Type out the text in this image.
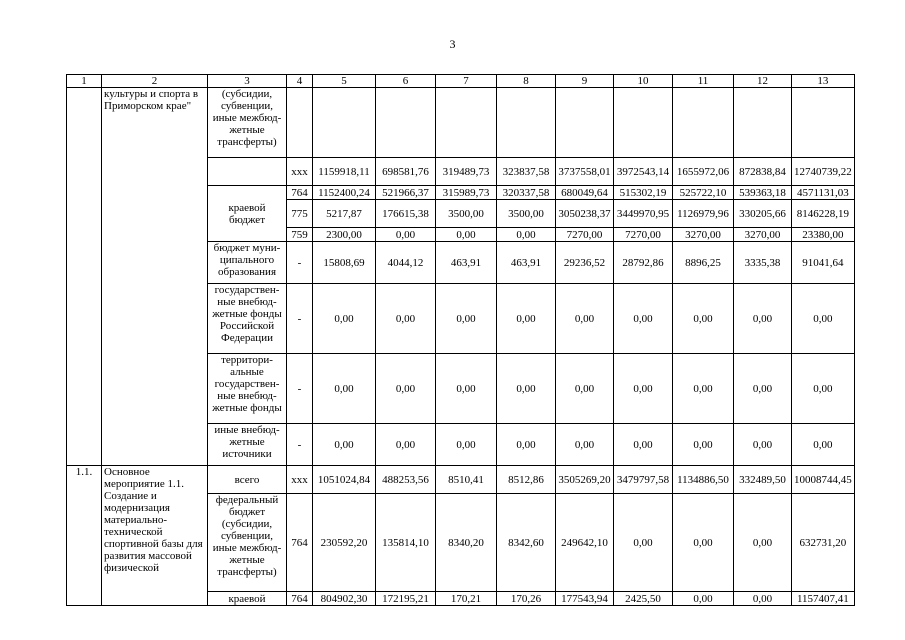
3
1	2	3	4	5	6	7	8	9	10	11	12	13
	культуры и спорта в Приморском крае"	(субсидии, субвенции, иные межбюд-жетные трансферты)										
			xxx	1159918,11	698581,76	319489,73	323837,58	3737558,01	3972543,14	1655972,06	872838,84	12740739,22
		краевой бюджет	764	1152400,24	521966,37	315989,73	320337,58	680049,64	515302,19	525722,10	539363,18	4571131,03
			775	5217,87	176615,38	3500,00	3500,00	3050238,37	3449970,95	1126979,96	330205,66	8146228,19
			759	2300,00	0,00	0,00	0,00	7270,00	7270,00	3270,00	3270,00	23380,00
		бюджет муни-ципального образования	-	15808,69	4044,12	463,91	463,91	29236,52	28792,86	8896,25	3335,38	91041,64
		государствен-ные внебюд-жетные фонды Российской Федерации	-	0,00	0,00	0,00	0,00	0,00	0,00	0,00	0,00	0,00
		территори-альные государствен-ные внебюд-жетные фонды	-	0,00	0,00	0,00	0,00	0,00	0,00	0,00	0,00	0,00
		иные внебюд-жетные источники	-	0,00	0,00	0,00	0,00	0,00	0,00	0,00	0,00	0,00
1.1.	Основное мероприятие 1.1. Создание и модернизация материально-технической спортивной базы для развития массовой физической	всего	xxx	1051024,84	488253,56	8510,41	8512,86	3505269,20	3479797,58	1134886,50	332489,50	10008744,45
		федеральный бюджет (субсидии, субвенции, иные межбюд-жетные трансферты)	764	230592,20	135814,10	8340,20	8342,60	249642,10	0,00	0,00	0,00	632731,20
		краевой	764	804902,30	172195,21	170,21	170,26	177543,94	2425,50	0,00	0,00	1157407,41
